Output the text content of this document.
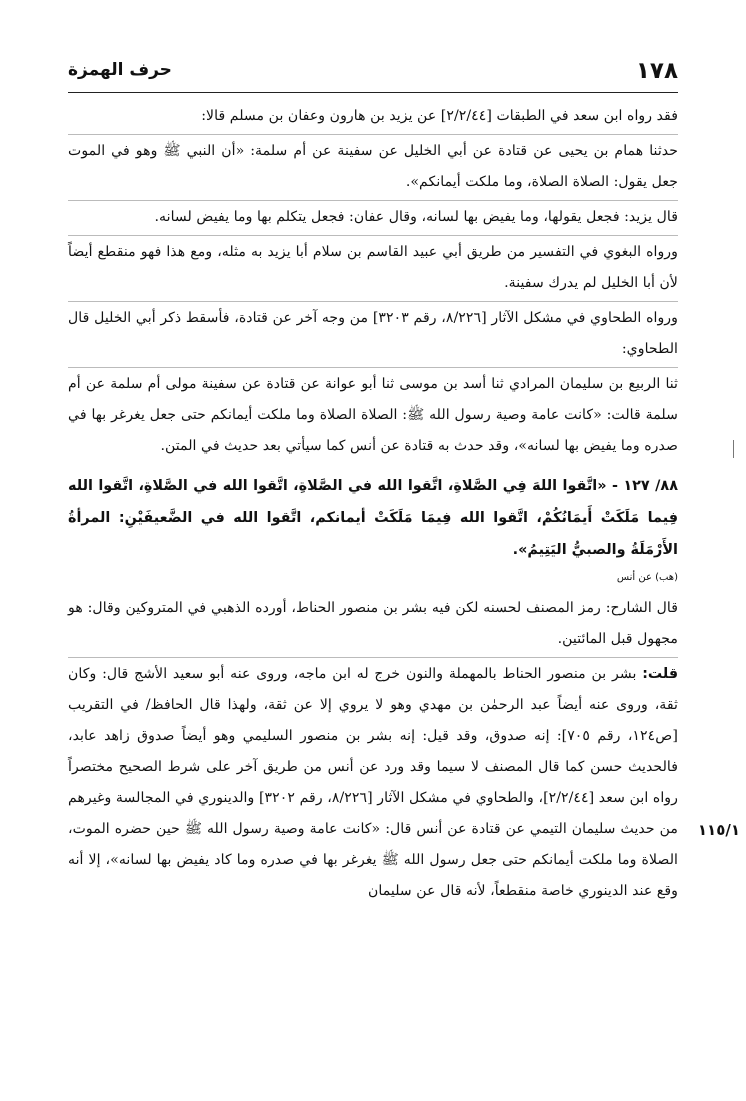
١٧٨
حرف الهمزة

فقد رواه ابن سعد في الطبقات [٢/٢/٤٤] عن يزيد بن هارون وعفان بن مسلم قالا:

حدثنا همام بن يحيى عن قتادة عن أبي الخليل عن سفينة عن أم سلمة: «أن النبي ﷺ وهو في الموت جعل يقول: الصلاة الصلاة، وما ملكت أيمانكم».

قال يزيد: فجعل يقولها، وما يفيض بها لسانه، وقال عفان: فجعل يتكلم بها وما يفيض لسانه.

ورواه البغوي في التفسير من طريق أبي عبيد القاسم بن سلام أبا يزيد به مثله، ومع هذا فهو منقطع أيضاً لأن أبا الخليل لم يدرك سفينة.

ورواه الطحاوي في مشكل الآثار [٨/٢٢٦، رقم ٣٢٠٣] من وجه آخر عن قتادة، فأسقط ذكر أبي الخليل قال الطحاوي:

ثنا الربيع بن سليمان المرادي ثنا أسد بن موسى ثنا أبو عوانة عن قتادة عن سفينة مولى أم سلمة عن أم سلمة قالت: «كانت عامة وصية رسول الله ﷺ: الصلاة الصلاة وما ملكت أيمانكم حتى جعل يغرغر بها في صدره وما يفيض بها لسانه»، وقد حدث به قتادة عن أنس كما سيأتي بعد حديث في المتن.

٨٨/ ١٢٧ - «اتَّقوا اللهَ فِي الصَّلاةِ، اتَّقوا الله في الصَّلاةِ، اتَّقوا الله في الصَّلاةِ، اتَّقوا الله فِيما مَلَكَتْ أَيمَانُكُمْ، اتَّقوا الله فِيمَا مَلَكَتْ أيمانكم، اتَّقوا الله في الضَّعيفَيْنِ: المرأةُ الأَرْمَلَةُ والصبيُّ اليَتِيمُ».

(هب) عن أنس

قال الشارح: رمز المصنف لحسنه لكن فيه بشر بن منصور الحناط، أورده الذهبي في المتروكين وقال: هو مجهول قبل المائتين.

قلت: بشر بن منصور الحناط بالمهملة والنون خرج له ابن ماجه، وروى عنه أبو سعيد الأشج قال: وكان ثقة، وروى عنه أيضاً عبد الرحمٰن بن مهدي وهو لا يروي إلا عن ثقة، ولهذا قال الحافظ/ في التقريب [ص١٢٤، رقم ٧٠٥]: إنه صدوق، وقد قيل: إنه بشر بن منصور السليمي وهو أيضاً صدوق زاهد عابد، فالحديث حسن كما قال المصنف لا سيما وقد ورد عن أنس من طريق آخر على شرط الصحيح مختصراً رواه ابن سعد [٢/٢/٤٤]، والطحاوي في مشكل الآثار [٨/٢٢٦، رقم ٣٢٠٢] والدينوري في المجالسة وغيرهم من حديث سليمان التيمي عن قتادة عن أنس قال: «كانت عامة وصية رسول الله ﷺ حين حضره الموت، الصلاة وما ملكت أيمانكم حتى جعل رسول الله ﷺ يغرغر بها في صدره وما كاد يفيض بها لسانه»، إلا أنه وقع عند الدينوري خاصة منقطعاً، لأنه قال عن سليمان

١١٥/١
